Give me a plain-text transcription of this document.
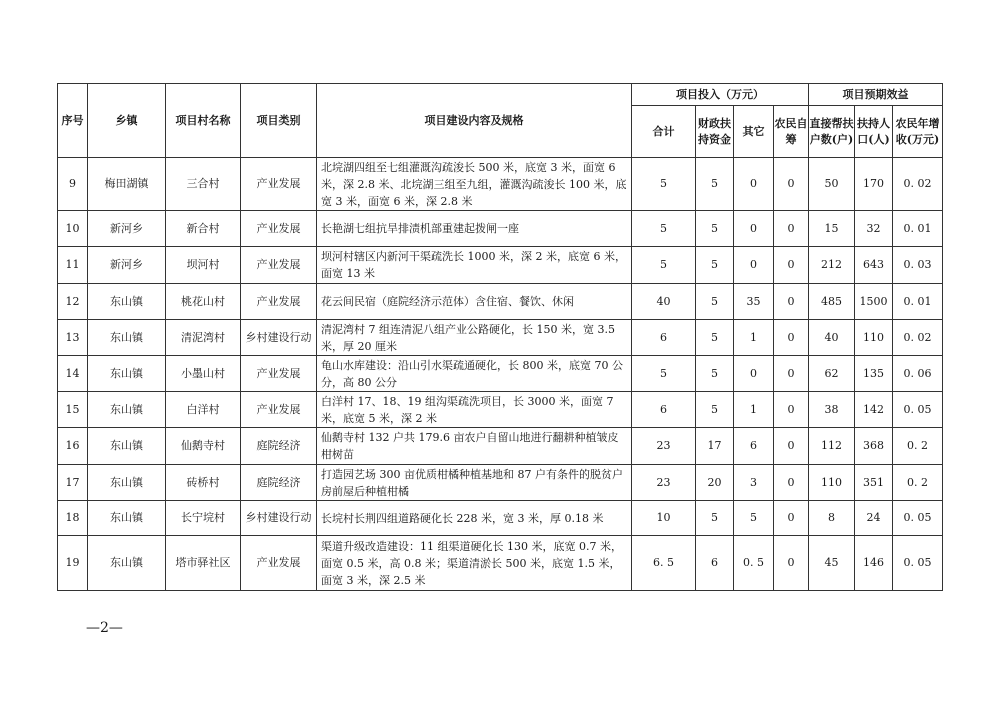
序号	乡镇	项目村名称	项目类别	项目建设内容及规格	项目投入（万元）				项目预期效益		
					合计	财政扶持资金	其它	农民自筹	直接帮扶户数(户)	扶持人口(人)	农民年增收(万元)
9	梅田湖镇	三合村	产业发展	北垸湖四组至七组灌溉沟疏浚长 500 米，底宽 3 米，面宽 6 米，深 2.8 米、北垸湖三组至九组，灌溉沟疏浚长 100 米，底宽 3 米，面宽 6 米，深 2.8 米	5	5	0	0	50	170	0. 02
10	新河乡	新合村	产业发展	长艳湖七组抗旱排渍机部重建起拨闸一座	5	5	0	0	15	32	0. 01
11	新河乡	坝河村	产业发展	坝河村辖区内新河干渠疏洗长 1000 米，深 2 米，底宽 6 米，面宽 13 米	5	5	0	0	212	643	0. 03
12	东山镇	桃花山村	产业发展	花云间民宿（庭院经济示范体）含住宿、餐饮、休闲	40	5	35	0	485	1500	0. 01
13	东山镇	清泥湾村	乡村建设行动	清泥湾村 7 组连清泥八组产业公路硬化，长 150 米，宽 3.5 米，厚 20 厘米	6	5	1	0	40	110	0. 02
14	东山镇	小墨山村	产业发展	龟山水库建设：沿山引水渠疏通硬化，长 800 米，底宽 70 公分，高 80 公分	5	5	0	0	62	135	0. 06
15	东山镇	白洋村	产业发展	白洋村 17、18、19 组沟渠疏洗项目，长 3000 米，面宽 7 米，底宽 5 米，深 2 米	6	5	1	0	38	142	0. 05
16	东山镇	仙鹅寺村	庭院经济	仙鹅寺村 132 户共 179.6 亩农户自留山地进行翻耕种植皱皮柑树苗	23	17	6	0	112	368	0. 2
17	东山镇	砖桥村	庭院经济	打造园艺场 300 亩优质柑橘种植基地和 87 户有条件的脱贫户房前屋后种植柑橘	23	20	3	0	110	351	0. 2
18	东山镇	长宁垸村	乡村建设行动	长垸村长荆四组道路硬化长 228 米，宽 3 米，厚 0.18 米	10	5	5	0	8	24	0. 05
19	东山镇	塔市驿社区	产业发展	渠道升级改造建设：11 组渠道硬化长 130 米，底宽 0.7 米，面宽 0.5 米，高 0.8 米；渠道清淤长 500 米，底宽 1.5 米，面宽 3 米，深 2.5 米	6. 5	6	0. 5	0	45	146	0. 05
—2—
